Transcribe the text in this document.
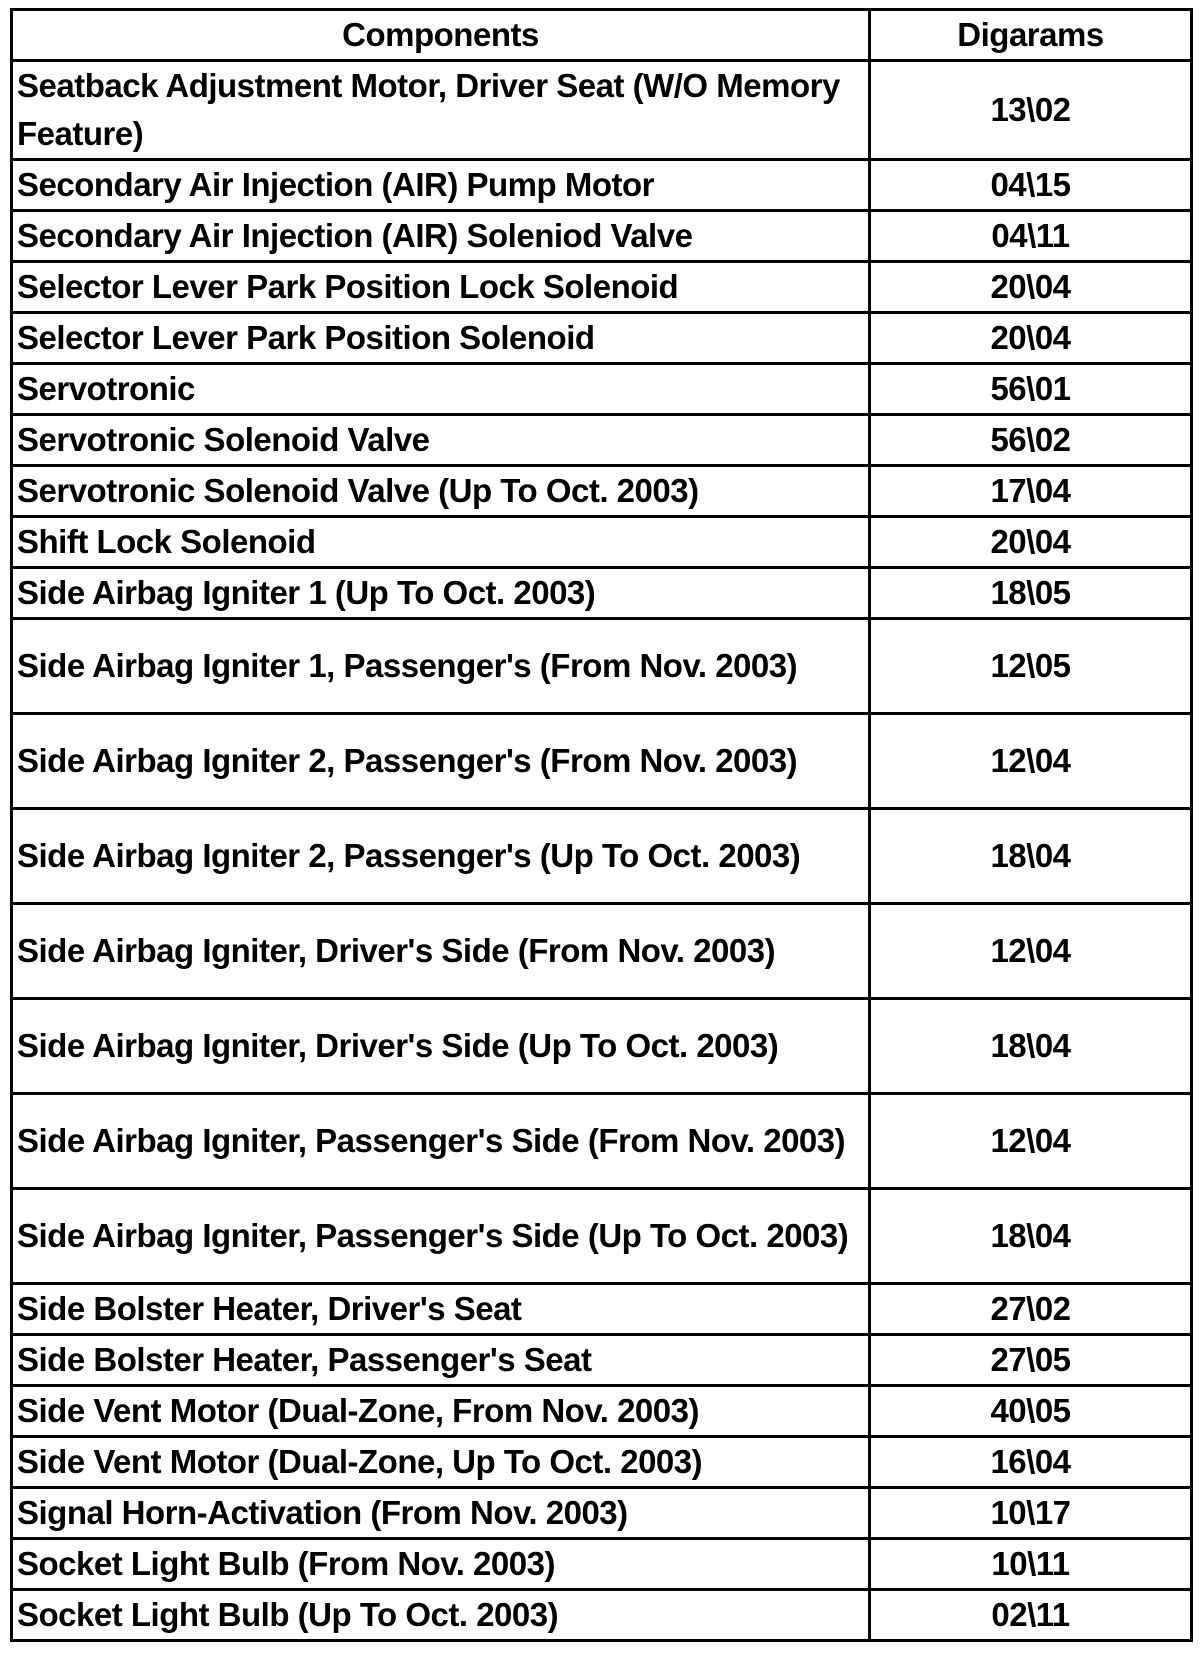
Components	Digarams
Seatback Adjustment Motor, Driver Seat (W/O Memory Feature)	13\02
Secondary Air Injection (AIR) Pump Motor	04\15
Secondary Air Injection (AIR) Soleniod Valve	04\11
Selector Lever Park Position Lock Solenoid	20\04
Selector Lever Park Position Solenoid	20\04
Servotronic	56\01
Servotronic Solenoid Valve	56\02
Servotronic Solenoid Valve (Up To Oct. 2003)	17\04
Shift Lock Solenoid	20\04
Side Airbag Igniter 1 (Up To Oct. 2003)	18\05
Side Airbag Igniter 1, Passenger's (From Nov. 2003)	12\05
Side Airbag Igniter 2, Passenger's (From Nov. 2003)	12\04
Side Airbag Igniter 2, Passenger's (Up To Oct. 2003)	18\04
Side Airbag Igniter, Driver's Side (From Nov. 2003)	12\04
Side Airbag Igniter, Driver's Side (Up To Oct. 2003)	18\04
Side Airbag Igniter, Passenger's Side (From Nov. 2003)	12\04
Side Airbag Igniter, Passenger's Side (Up To Oct. 2003)	18\04
Side Bolster Heater, Driver's Seat	27\02
Side Bolster Heater, Passenger's Seat	27\05
Side Vent Motor (Dual-Zone, From Nov. 2003)	40\05
Side Vent Motor (Dual-Zone, Up To Oct. 2003)	16\04
Signal Horn-Activation (From Nov. 2003)	10\17
Socket Light Bulb (From Nov. 2003)	10\11
Socket Light Bulb (Up To Oct. 2003)	02\11
